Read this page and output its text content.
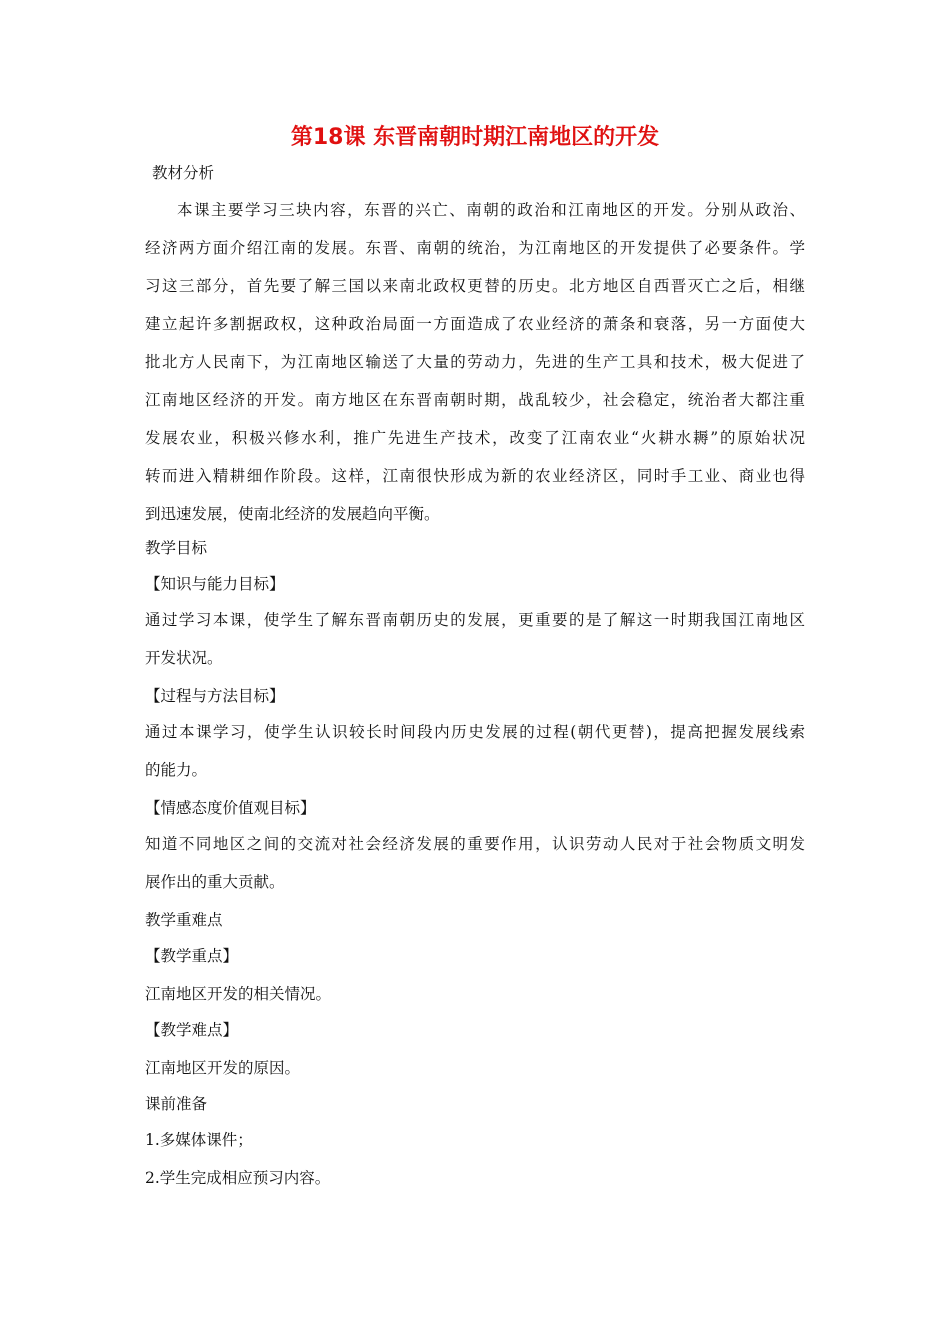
第18课 东晋南朝时期江南地区的开发
教材分析
本课主要学习三块内容，东晋的兴亡、南朝的政治和江南地区的开发。分别从政治、
经济两方面介绍江南的发展。东晋、南朝的统治，为江南地区的开发提供了必要条件。学
习这三部分，首先要了解三国以来南北政权更替的历史。北方地区自西晋灭亡之后，相继
建立起许多割据政权，这种政治局面一方面造成了农业经济的萧条和衰落，另一方面使大
批北方人民南下，为江南地区输送了大量的劳动力，先进的生产工具和技术，极大促进了
江南地区经济的开发。南方地区在东晋南朝时期，战乱较少，社会稳定，统治者大都注重
发展农业，积极兴修水利，推广先进生产技术，改变了江南农业“火耕水耨”的原始状况
转而进入精耕细作阶段。这样，江南很快形成为新的农业经济区，同时手工业、商业也得
到迅速发展，使南北经济的发展趋向平衡。
教学目标
【知识与能力目标】
通过学习本课，使学生了解东晋南朝历史的发展，更重要的是了解这一时期我国江南地区
开发状况。
【过程与方法目标】
通过本课学习，使学生认识较长时间段内历史发展的过程(朝代更替)，提高把握发展线索
的能力。
【情感态度价值观目标】
知道不同地区之间的交流对社会经济发展的重要作用，认识劳动人民对于社会物质文明发
展作出的重大贡献。
教学重难点
【教学重点】
江南地区开发的相关情况。
【教学难点】
江南地区开发的原因。
课前准备
1.多媒体课件；
2.学生完成相应预习内容。
